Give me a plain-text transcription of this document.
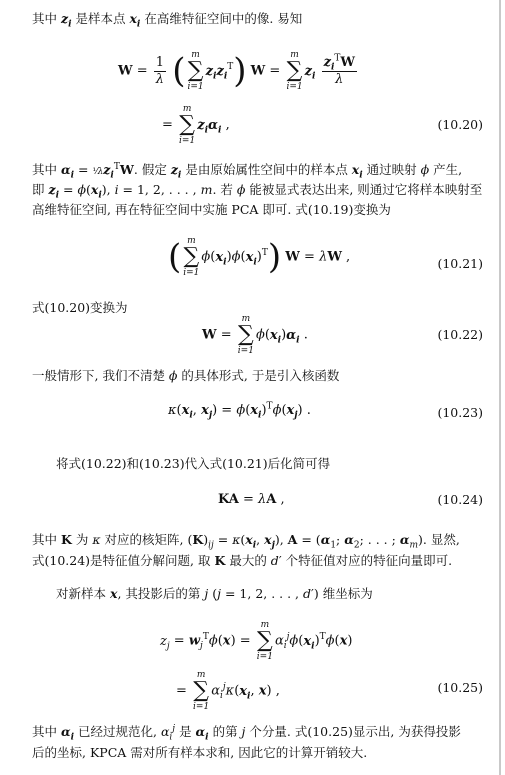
其中 $z_i$ 是样本点 $x_i$ 在高维特征空间中的像. 易知
$W = \frac{1}{\lambda}$ ( m
∑
i=1
$z_iz_i^T$) W =
m
∑
i=1
$z_i \frac{z_i^TW}{\lambda}$
=
m
∑
i=1
$z_i\alpha_i$ ,	(10.20)
其中 $\alpha_i$ = $^1⁄\lambda z_i^TW$. 假定 $z_i$ 是由原始属性空间中的样本点 $x_i$ 通过映射 ϕ 产生,
即 $z_i = \phi(x_i)$, i = 1, 2, . . . , m. 若 ϕ 能被显式表达出来, 则通过它将样本映射至
高维特征空间, 再在特征空间中实施 PCA 即可. 式(10.19)变换为
( m
∑
i=1
$\phi(x_i)\phi(x_i)^T$) W = λW ,	(10.21)
式(10.20)变换为
W =
m
∑
i=1
$\phi(x_i)\alpha_i$ .	(10.22)
一般情形下, 我们不清楚 ϕ 的具体形式, 于是引入核函数
$\kappa(x_i$, $x_j) = \phi(x_i)^T\phi(x_j)$ .	(10.23)
将式(10.22)和(10.23)代入式(10.21)后化简可得
KA = λA ,	(10.24)
其中 K 为 κ 对应的核矩阵, $(K)_{ij} = \kappa(x_i$, $x_j$), $A = (\alpha_1$; $\alpha_2$; . . . ; $\alpha_m$). 显然,
式(10.24)是特征值分解问题, 取 K 最大的 d′ 个特征值对应的特征向量即可.
对新样本 x, 其投影后的第 j (j = 1, 2, . . . , d′) 维坐标为
$z_j = w_j^T\phi(x)$ =
m
∑
i=1
$\alpha_i^j\phi(x_i)^T\phi(x)$
=
m
∑
i=1
$\alpha_i^j\kappa(x_i$, x) ,	(10.25)
其中 $\alpha_i$ 已经过规范化, $\alpha_i^j$ 是 $\alpha_i$ 的第 j 个分量. 式(10.25)显示出, 为获得投影
后的坐标, KPCA 需对所有样本求和, 因此它的计算开销较大.
